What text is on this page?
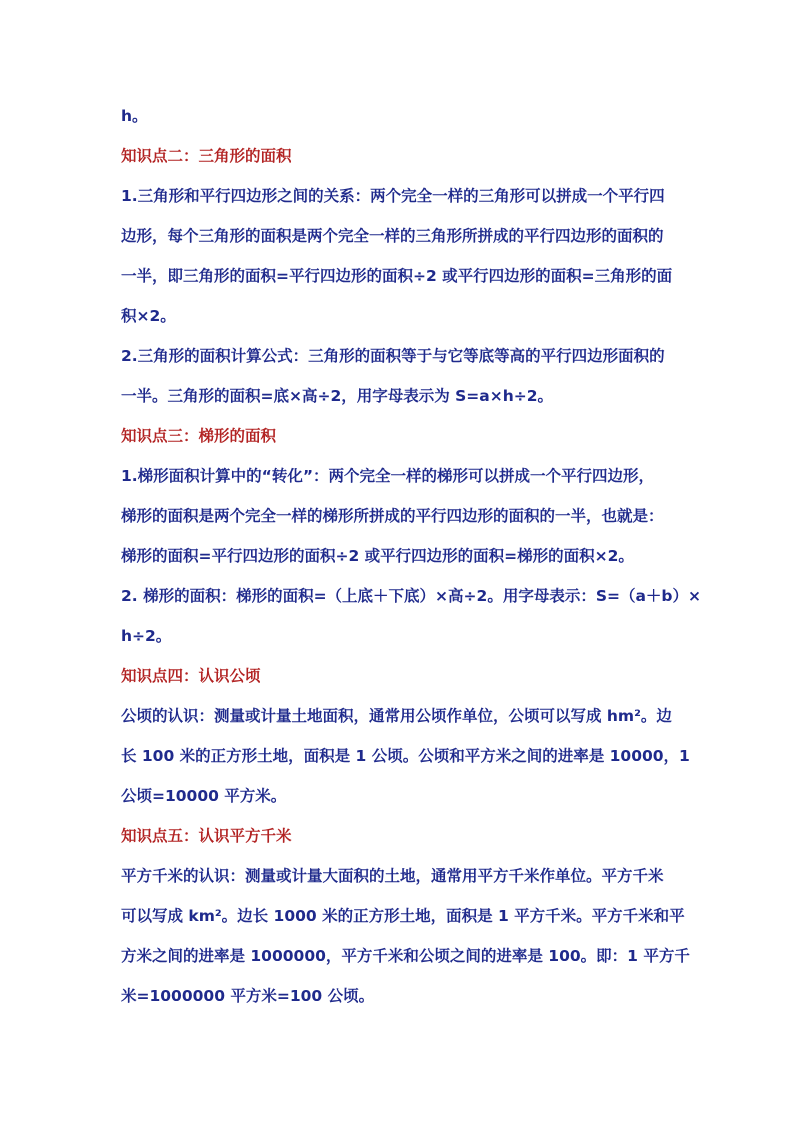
h。
知识点二：三角形的面积
1.三角形和平行四边形之间的关系：两个完全一样的三角形可以拼成一个平行四
边形，每个三角形的面积是两个完全一样的三角形所拼成的平行四边形的面积的
一半，即三角形的面积=平行四边形的面积÷2 或平行四边形的面积=三角形的面
积×2。
2.三角形的面积计算公式：三角形的面积等于与它等底等高的平行四边形面积的
一半。三角形的面积=底×高÷2，用字母表示为 S=a×h÷2。
知识点三：梯形的面积
1.梯形面积计算中的“转化”：两个完全一样的梯形可以拼成一个平行四边形，
梯形的面积是两个完全一样的梯形所拼成的平行四边形的面积的一半，也就是：
梯形的面积=平行四边形的面积÷2 或平行四边形的面积=梯形的面积×2。
2. 梯形的面积：梯形的面积=（上底＋下底）×高÷2。用字母表示：S=（a＋b）×
h÷2。
知识点四：认识公顷
公顷的认识：测量或计量土地面积，通常用公顷作单位，公顷可以写成 hm²。边
长 100 米的正方形土地，面积是 1 公顷。公顷和平方米之间的进率是 10000，1
公顷=10000 平方米。
知识点五：认识平方千米
平方千米的认识：测量或计量大面积的土地，通常用平方千米作单位。平方千米
可以写成 km²。边长 1000 米的正方形土地，面积是 1 平方千米。平方千米和平
方米之间的进率是 1000000，平方千米和公顷之间的进率是 100。即：1 平方千
米=1000000 平方米=100 公顷。
